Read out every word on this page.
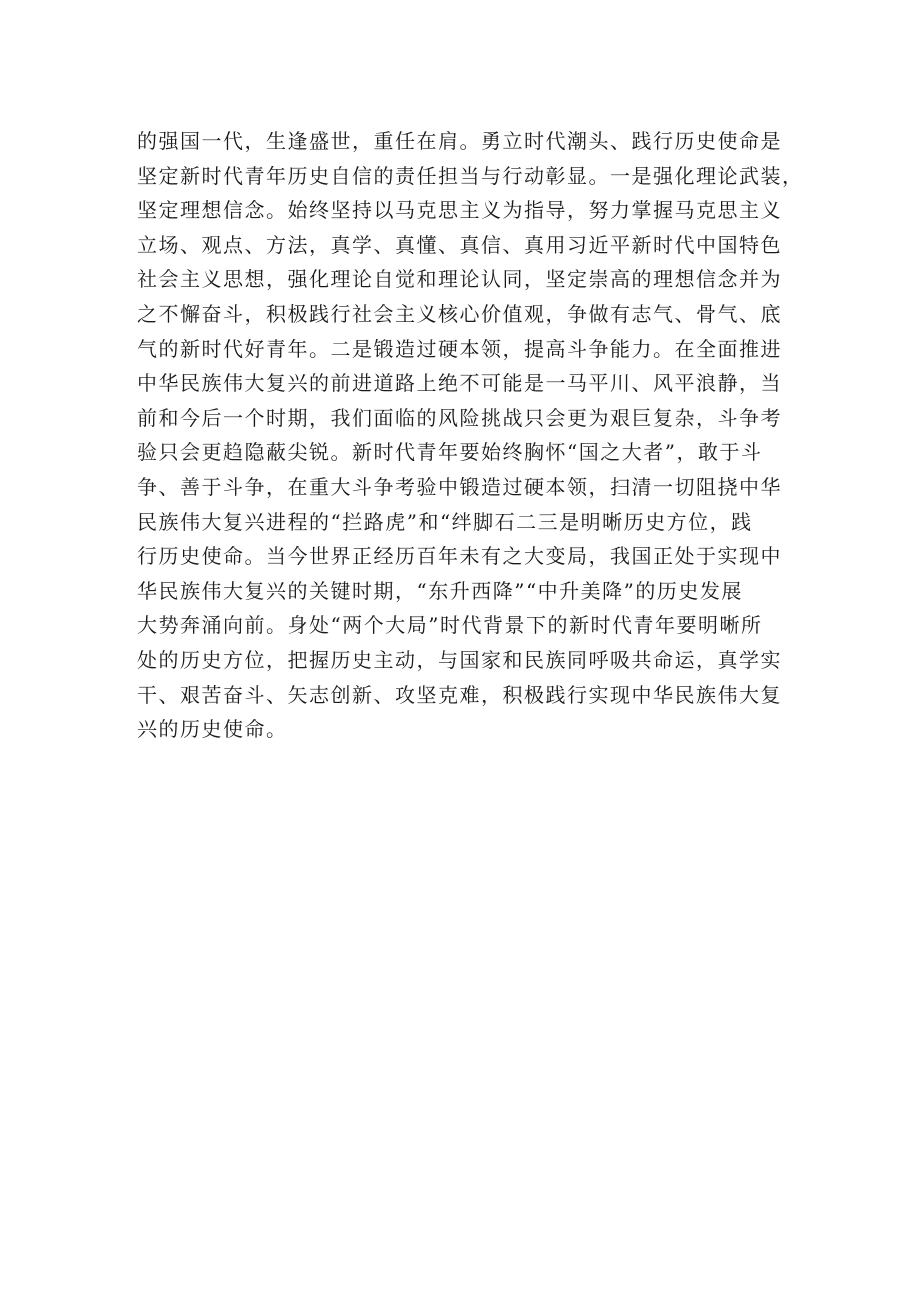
的强国一代，生逢盛世，重任在肩。勇立时代潮头、践行历史使命是
坚定新时代青年历史自信的责任担当与行动彰显。一是强化理论武装，
坚定理想信念。始终坚持以马克思主义为指导，努力掌握马克思主义
立场、观点、方法，真学、真懂、真信、真用习近平新时代中国特色
社会主义思想，强化理论自觉和理论认同，坚定崇高的理想信念并为
之不懈奋斗，积极践行社会主义核心价值观，争做有志气、骨气、底
气的新时代好青年。二是锻造过硬本领，提高斗争能力。在全面推进
中华民族伟大复兴的前进道路上绝不可能是一马平川、风平浪静，当
前和今后一个时期，我们面临的风险挑战只会更为艰巨复杂，斗争考
验只会更趋隐蔽尖锐。新时代青年要始终胸怀“国之大者”，敢于斗
争、善于斗争，在重大斗争考验中锻造过硬本领，扫清一切阻挠中华
民族伟大复兴进程的“拦路虎”和“绊脚石二三是明晰历史方位，践
行历史使命。当今世界正经历百年未有之大变局，我国正处于实现中
华民族伟大复兴的关键时期，“东升西降”“中升美降”的历史发展
大势奔涌向前。身处“两个大局”时代背景下的新时代青年要明晰所
处的历史方位，把握历史主动，与国家和民族同呼吸共命运，真学实
干、艰苦奋斗、矢志创新、攻坚克难，积极践行实现中华民族伟大复
兴的历史使命。
